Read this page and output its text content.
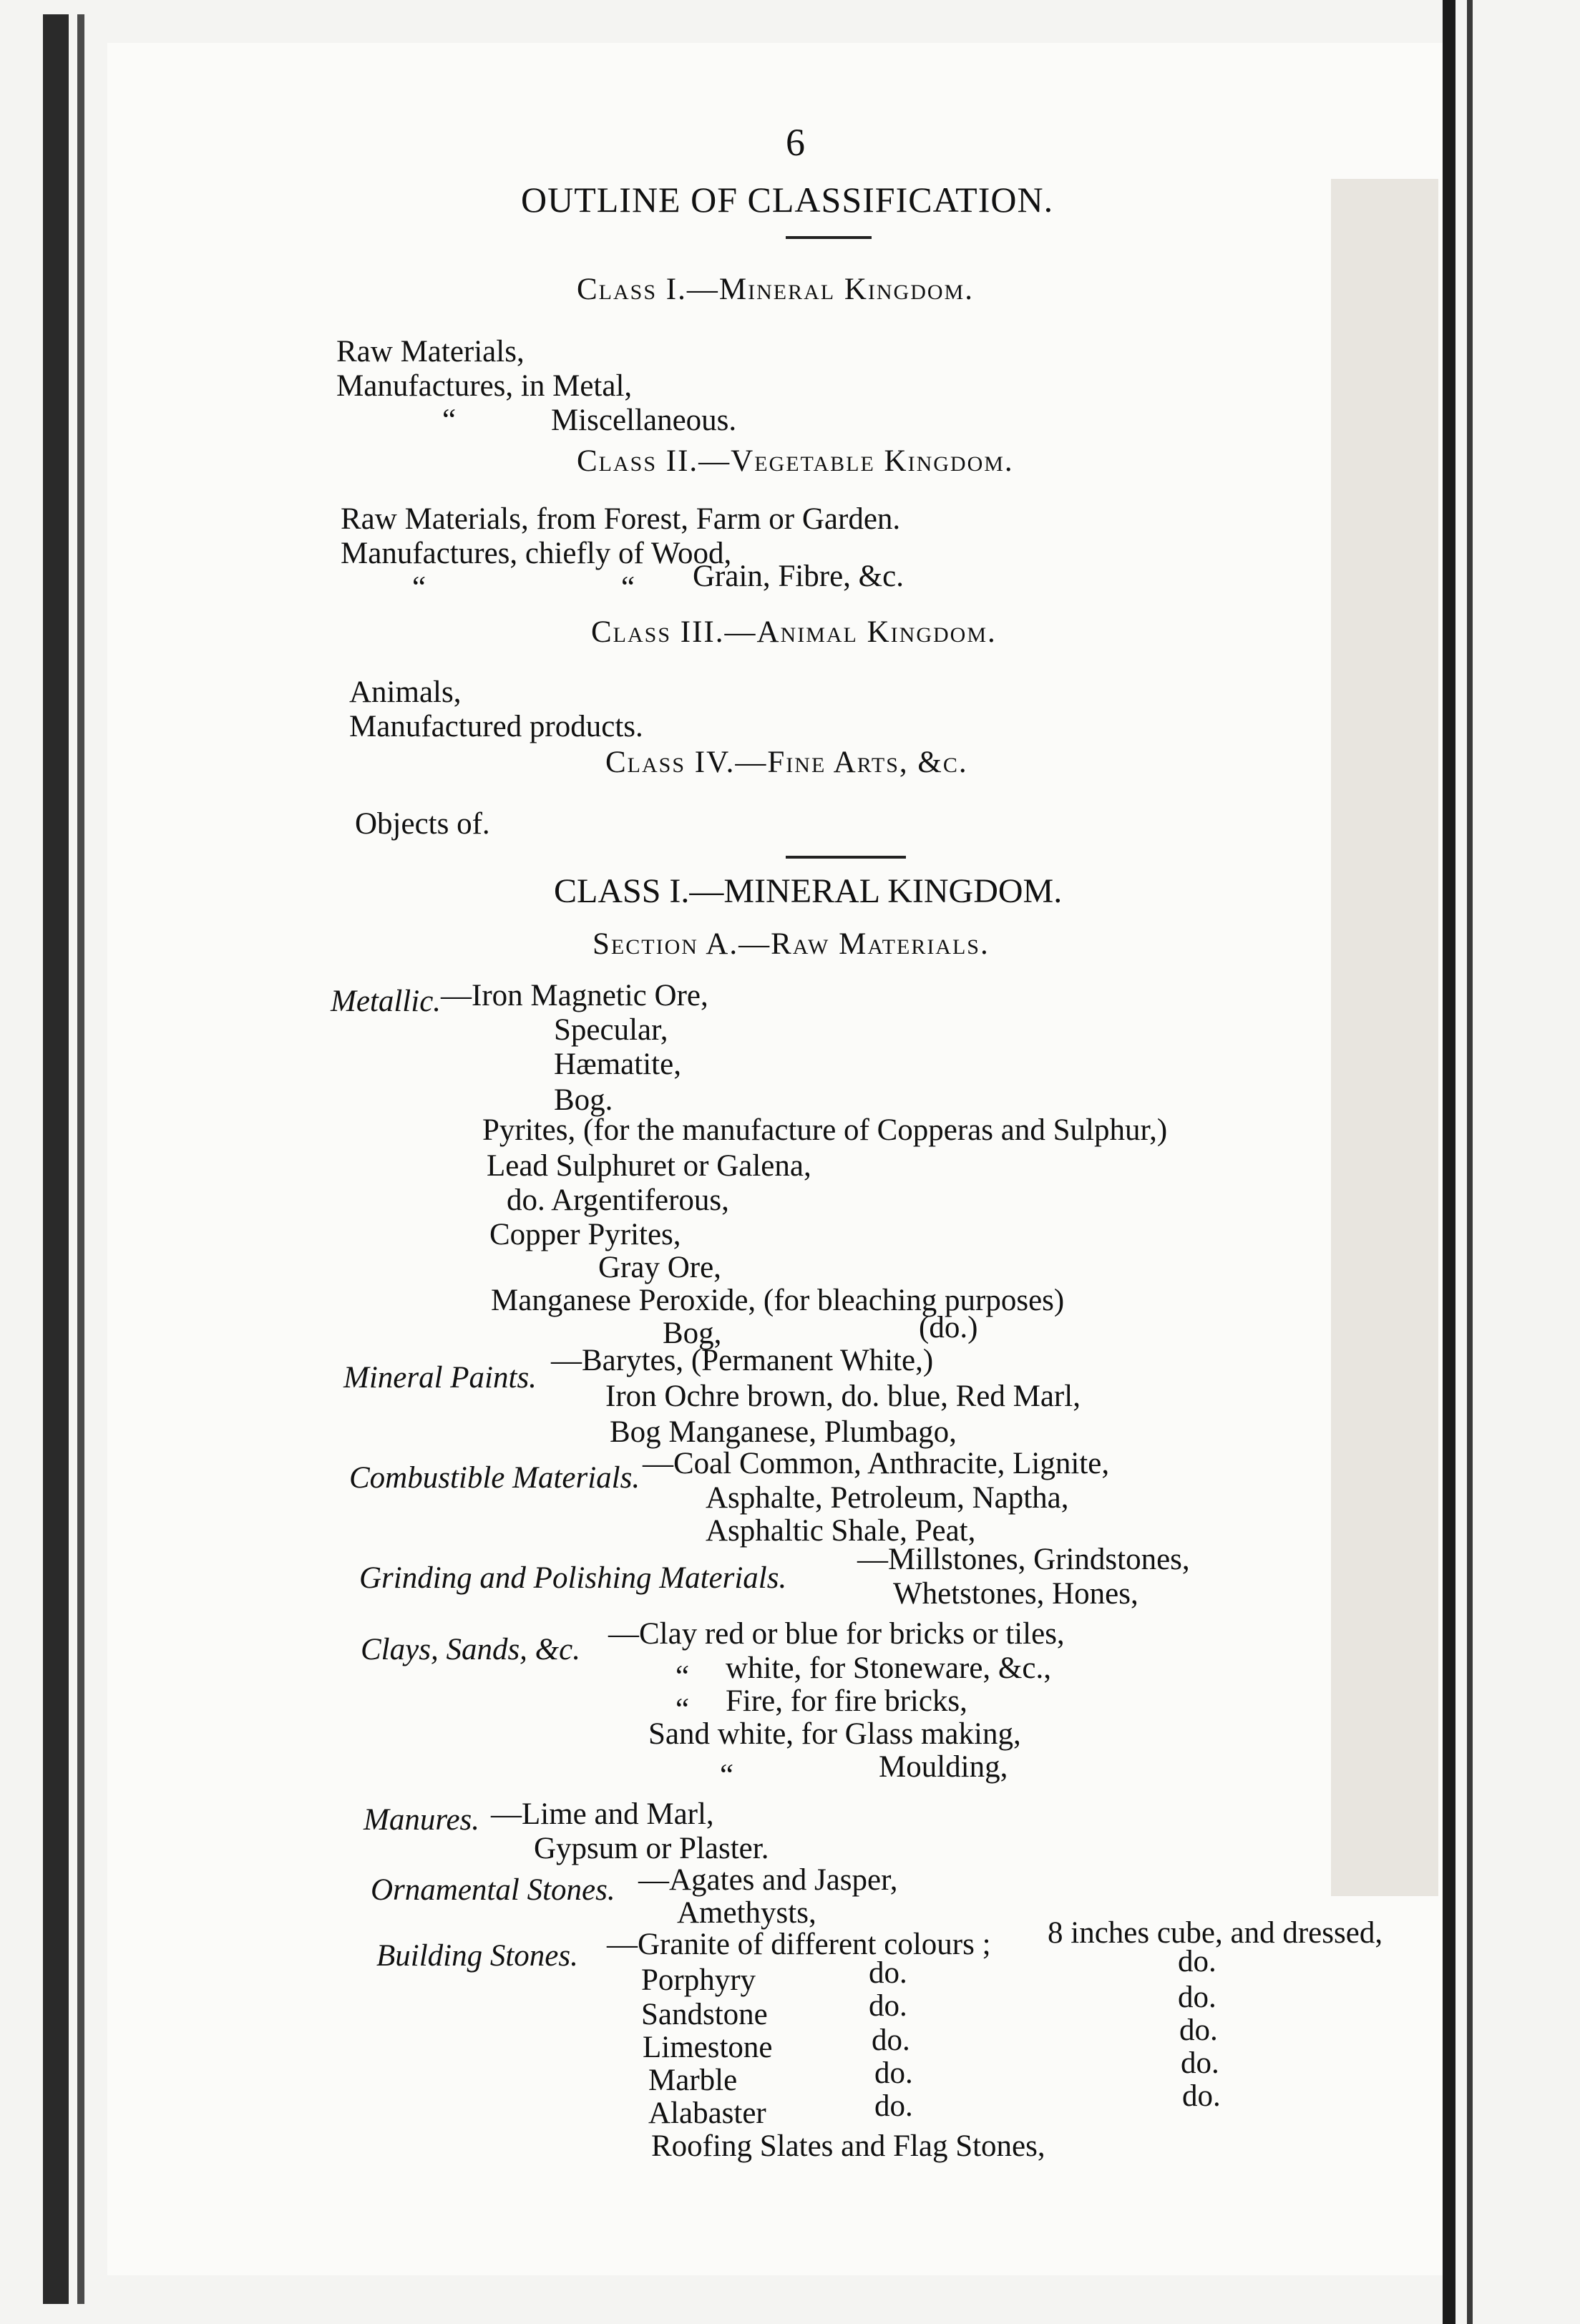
6
OUTLINE OF CLASSIFICATION.
Class I.—Mineral Kingdom.
Raw Materials,
Manufactures, in Metal,
“	Miscellaneous.
Class II.—Vegetable Kingdom.
Raw Materials, from Forest, Farm or Garden.
Manufactures, chiefly of Wood,
“	“ Grain, Fibre, &c.
Class III.—Animal Kingdom.
Animals,
Manufactured products.
Class IV.—Fine Arts, &c.
Objects of.
CLASS I.—MINERAL KINGDOM.
Section A.—Raw Materials.
Metallic. —Iron Magnetic Ore,
Specular,
Hæmatite,
Bog.
Pyrites, (for the manufacture of Copperas and Sulphur,)
Lead Sulphuret or Galena,
do. Argentiferous,
Copper Pyrites,
Gray Ore,
Manganese Peroxide, (for bleaching purposes)
Bog,	(do.)
Mineral Paints.
—Barytes, (Permanent White,)
Iron Ochre brown, do. blue, Red Marl,
Bog Manganese, Plumbago,
Combustible Materials. —Coal Common, Anthracite, Lignite,
Asphalte, Petroleum, Naptha,
Asphaltic Shale, Peat,
Grinding and Polishing Materials.
—Millstones, Grindstones,
Whetstones, Hones,
Clays, Sands, &c. —Clay red or blue for bricks or tiles,
“ white, for Stoneware, &c.,
“ Fire, for fire bricks,
Sand white, for Glass making,
“	Moulding,
Manures. —Lime and Marl,
Gypsum or Plaster.
Ornamental Stones. —Agates and Jasper,
Amethysts,
Building Stones. —Granite of different colours ; 8 inches cube, and dressed,
Porphyry	do.	do.
Sandstone	do.	do.
Limestone	do.	do.
Marble	do.	do.
Alabaster	do.	do.
Roofing Slates and Flag Stones,
